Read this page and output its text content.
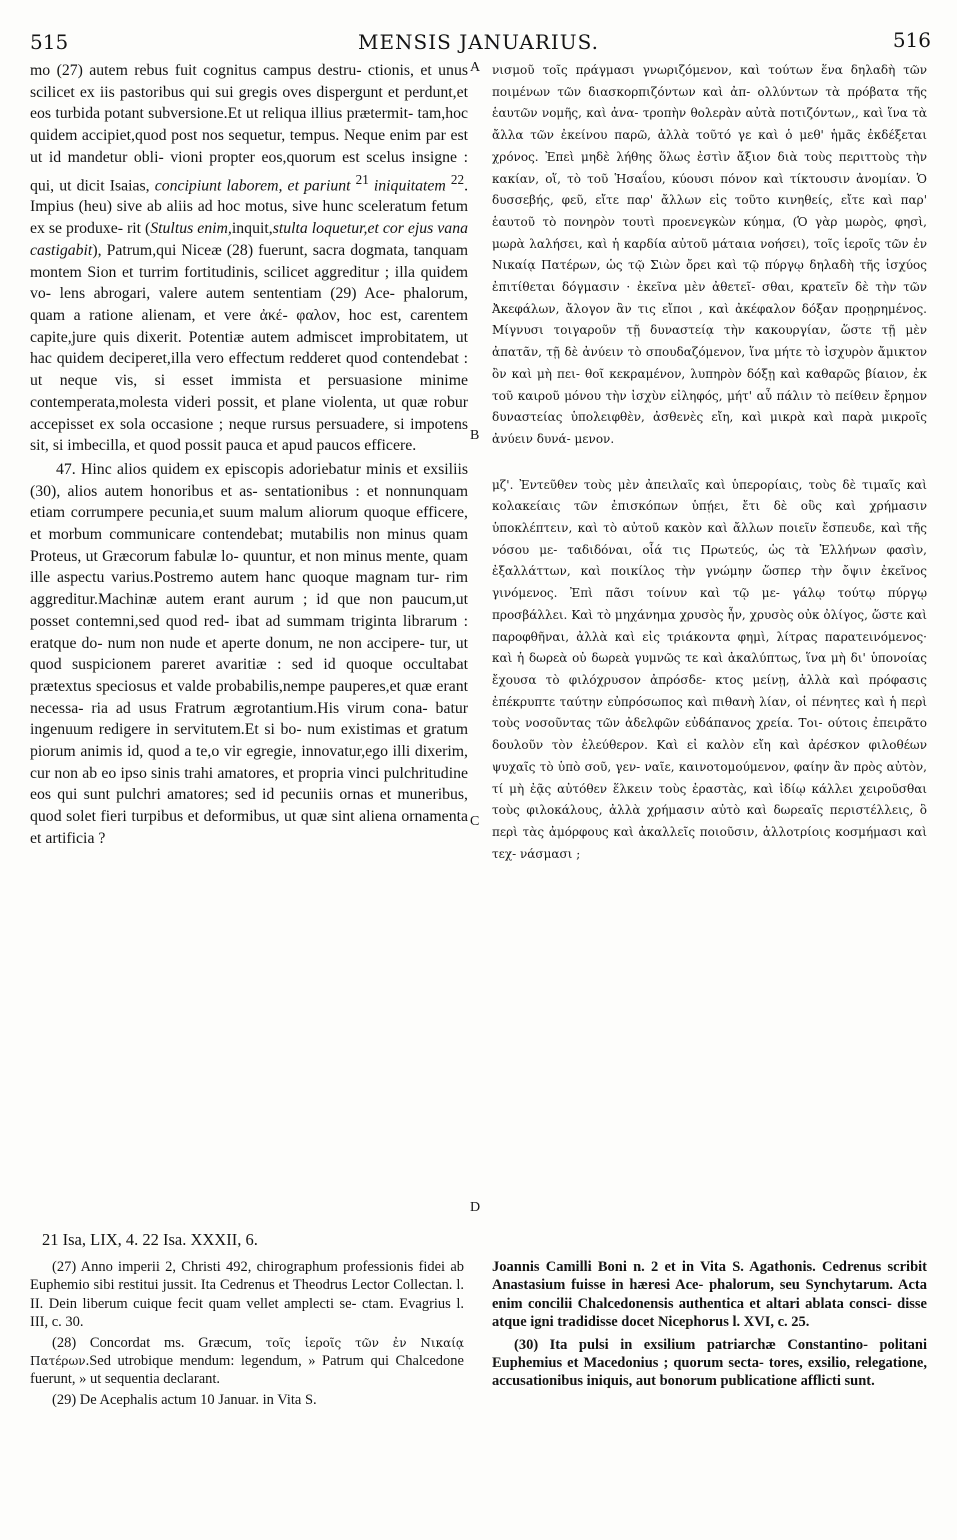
515	MENSIS JANUARIUS.	516

mo (27) autem rebus fuit cognitus campus destru- ctionis, et unus scilicet ex iis pastoribus qui sui gregis oves dispergunt et perdunt,et eos turbida potant subversione.Et ut reliqua illius prætermit- tam,hoc quidem accipiet,quod post nos sequetur, tempus. Neque enim par est ut id mandetur obli- vioni propter eos,quorum est scelus insigne : qui, ut dicit Isaias, concipiunt laborem, et pariunt $^{21}$ iniquitatem $^{22}$. Impius (heu) sive ab aliis ad hoc motus, sive hunc sceleratum fetum ex se produxe- rit (Stultus enim,inquit,stulta loquetur,et cor ejus vana castigabit), Patrum,qui Niceæ (28) fuerunt, sacra dogmata, tanquam montem Sion et turrim fortitudinis, scilicet aggreditur ; illa quidem vo- lens abrogari, valere autem sententiam (29) Ace- phalorum, quam a ratione alienam, et vere ἀκέ- φαλον, hoc est, carentem capite,jure quis dixerit. Potentiæ autem admiscet improbitatem, ut hac quidem deciperet,illa vero effectum redderet quod contendebat : ut neque vis, si esset immista et persuasione minime contemperata,molesta videri possit, et plane violenta, ut quæ robur accepisset ex sola occasione ; neque rursus persuadere, si impotens sit, si imbecilla, et quod possit pauca et apud paucos efficere.

47. Hinc alios quidem ex episcopis adoriebatur minis et exsiliis (30), alios autem honoribus et as- sentationibus : et nonnunquam etiam corrumpere pecunia,et suum malum aliorum quoque efficere, et morbum communicare contendebat; mutabilis non minus quam Proteus, ut Græcorum fabulæ lo- quuntur, et non minus mente, quam ille aspectu varius.Postremo autem hanc quoque magnam tur- rim aggreditur.Machinæ autem erant aurum ; id que non paucum,ut posset contemni,sed quod red- ibat ad summam triginta librarum : eratque do- num non nude et aperte donum, ne non accipere- tur, ut quod suspicionem pareret avaritiæ : sed id quoque occultabat prætextus speciosus et valde probabilis,nempe pauperes,et quæ erant necessa- ria ad usus Fratrum ægrotantium.His virum cona- batur ingenuum redigere in servitutem.Et si bo- num existimas et gratum piorum animis id, quod a te,o vir egregie, innovatur,ego illi dixerim, cur non ab eo ipso sinis trahi amatores, et propria vinci pulchritudine eos qui sunt pulchri amatores; sed id pecuniis ornas et muneribus, quod solet fieri turpibus et deformibus, ut quæ sint aliena ornamenta et artificia ?

A
B
C
D

νισμοῦ τοῖς πράγμασι γνωριζόμενον, καὶ τούτων ἕνα δηλαδὴ τῶν ποιμένων τῶν διασκορπιζόντων καὶ ἀπ- ολλύντων τὰ πρόβατα τῆς ἑαυτῶν νομῆς, καὶ ἀνα- τροπὴν θολερὰν αὐτὰ ποτιζόντων,, καὶ ἵνα τὰ ἄλλα τῶν ἐκείνου παρῶ, ἀλλὰ τοῦτό γε καὶ ὁ μεθ' ἡμᾶς ἐκδέξεται χρόνος. Ἐπεὶ μηδὲ λήθης ὅλως ἐστὶν ἄξιον διὰ τοὺς περιττοὺς τὴν κακίαν, οἵ, τὸ τοῦ Ἡσαΐου, κύουσι πόνον καὶ τίκτουσιν ἀνομίαν. Ὁ δυσσεβής, φεῦ, εἴτε παρ' ἄλλων εἰς τοῦτο κινηθείς, εἴτε καὶ παρ' ἑαυτοῦ τὸ πονηρὸν τουτὶ προενεγκὼν κύημα, (Ὁ γὰρ μωρὸς, φησὶ, μωρὰ λαλήσει, καὶ ἡ καρδία αὐτοῦ μάταια νοήσει), τοῖς ἱεροῖς τῶν ἐν Νικαίᾳ Πατέρων, ὡς τῷ Σιὼν ὄρει καὶ τῷ πύργῳ δηλαδὴ τῆς ἰσχύος ἐπιτίθεται δόγμασιν · ἐκεῖνα μὲν ἀθετεῖ- σθαι, κρατεῖν δὲ τὴν τῶν Ἀκεφάλων, ἄλογον ἂν τις εἴποι , καὶ ἀκέφαλον δόξαν προῃρημένος. Μίγνυσι τοιγαροῦν τῇ δυναστείᾳ τὴν κακουργίαν, ὥστε τῇ μὲν ἀπατᾶν, τῇ δὲ ἀνύειν τὸ σπουδαζόμενον, ἵνα μήτε τὸ ἰσχυρὸν ἄμικτον ὂν καὶ μὴ πει- θοῖ κεκραμένον, λυπηρὸν δόξῃ καὶ καθαρῶς βίαιον, ἐκ τοῦ καιροῦ μόνου τὴν ἰσχὺν εἰληφός, μήτ' αὖ πάλιν τὸ πείθειν ἔρημον δυναστείας ὑπολειφθὲν, ἀσθενὲς εἴη, καὶ μικρὰ καὶ παρὰ μικροῖς ἀνύειν δυνά- μενον.

μζ'. Ἐντεῦθεν τοὺς μὲν ἀπειλαῖς καὶ ὑπερορίαις, τοὺς δὲ τιμαῖς καὶ κολακείαις τῶν ἐπισκόπων ὑπῄει, ἔτι δὲ οὓς καὶ χρήμασιν ὑποκλέπτειν, καὶ τὸ αὐτοῦ κακὸν καὶ ἄλλων ποιεῖν ἔσπευδε, καὶ τῆς νόσου με- ταδιδόναι, οἷά τις Πρωτεύς, ὡς τὰ Ἑλλήνων φασὶν, ἐξαλλάττων, καὶ ποικίλος τὴν γνώμην ὥσπερ τὴν ὄψιν ἐκεῖνος γινόμενος. Ἐπὶ πᾶσι τοίνυν καὶ τῷ με- γάλῳ τούτῳ πύργῳ προσβάλλει. Καὶ τὸ μηχάνημα χρυσὸς ἦν, χρυσὸς οὐκ ὀλίγος, ὥστε καὶ παροφθῆναι, ἀλλὰ καὶ εἰς τριάκοντα φημὶ, λίτρας παρατεινόμενος· καὶ ἡ δωρεὰ οὐ δωρεὰ γυμνῶς τε καὶ ἀκαλύπτως, ἵνα μὴ δι' ὑπονοίας ἔχουσα τὸ φιλόχρυσον ἀπρόσδε- κτος μείνῃ, ἀλλὰ καὶ πρόφασις ἐπέκρυπτε ταύτην εὐπρόσωπος καὶ πιθανὴ λίαν, οἱ πένητες καὶ ἡ περὶ τοὺς νοσοῦντας τῶν ἀδελφῶν εὐδάπανος χρεία. Τοι- ούτοις ἐπειρᾶτο δουλοῦν τὸν ἐλεύθερον. Καὶ εἰ καλὸν εἴη καὶ ἀρέσκον φιλοθέων ψυχαῖς τὸ ὑπὸ σοῦ, γεν- ναῖε, καινοτομούμενον, φαίην ἂν πρὸς αὐτὸν, τί μὴ ἐᾷς αὐτόθεν ἕλκειν τοὺς ἐραστὰς, καὶ ἰδίῳ κάλλει χειροῦσθαι τοὺς φιλοκάλους, ἀλλὰ χρήμασιν αὐτὸ καὶ δωρεαῖς περιστέλλεις, ὃ περὶ τὰς ἀμόρφους καὶ ἀκαλλεῖς ποιοῦσιν, ἀλλοτρίοις κοσμήμασι καὶ τεχ- νάσμασι ;

21 Isa, LIX, 4. 22 Isa. XXXII, 6.

(27) Anno imperii 2, Christi 492, chirographum professionis fidei ab Euphemio sibi restitui jussit. Ita Cedrenus et Theodrus Lector Collectan. l. II. Dein liberum cuique fecit quam vellet amplecti se- ctam. Evagrius l. III, c. 30.

(28) Concordat ms. Græcum, τοῖς ἱεροῖς τῶν ἐν Νικαίᾳ Πατέρων.Sed utrobique mendum: legendum, » Patrum qui Chalcedone fuerunt, » ut sequentia declarant.

(29) De Acephalis actum 10 Januar. in Vita S.

Joannis Camilli Boni n. 2 et in Vita S. Agathonis. Cedrenus scribit Anastasium fuisse in hæresi Ace- phalorum, seu Synchytarum. Acta enim concilii Chalcedonensis authentica et altari ablata consci- disse atque igni tradidisse docet Nicephorus l. XVI, c. 25.

(30) Ita pulsi in exsilium patriarchæ Constantino- politani Euphemius et Macedonius ; quorum secta- tores, exsilio, relegatione, accusationibus iniquis, aut bonorum publicatione afflicti sunt.
